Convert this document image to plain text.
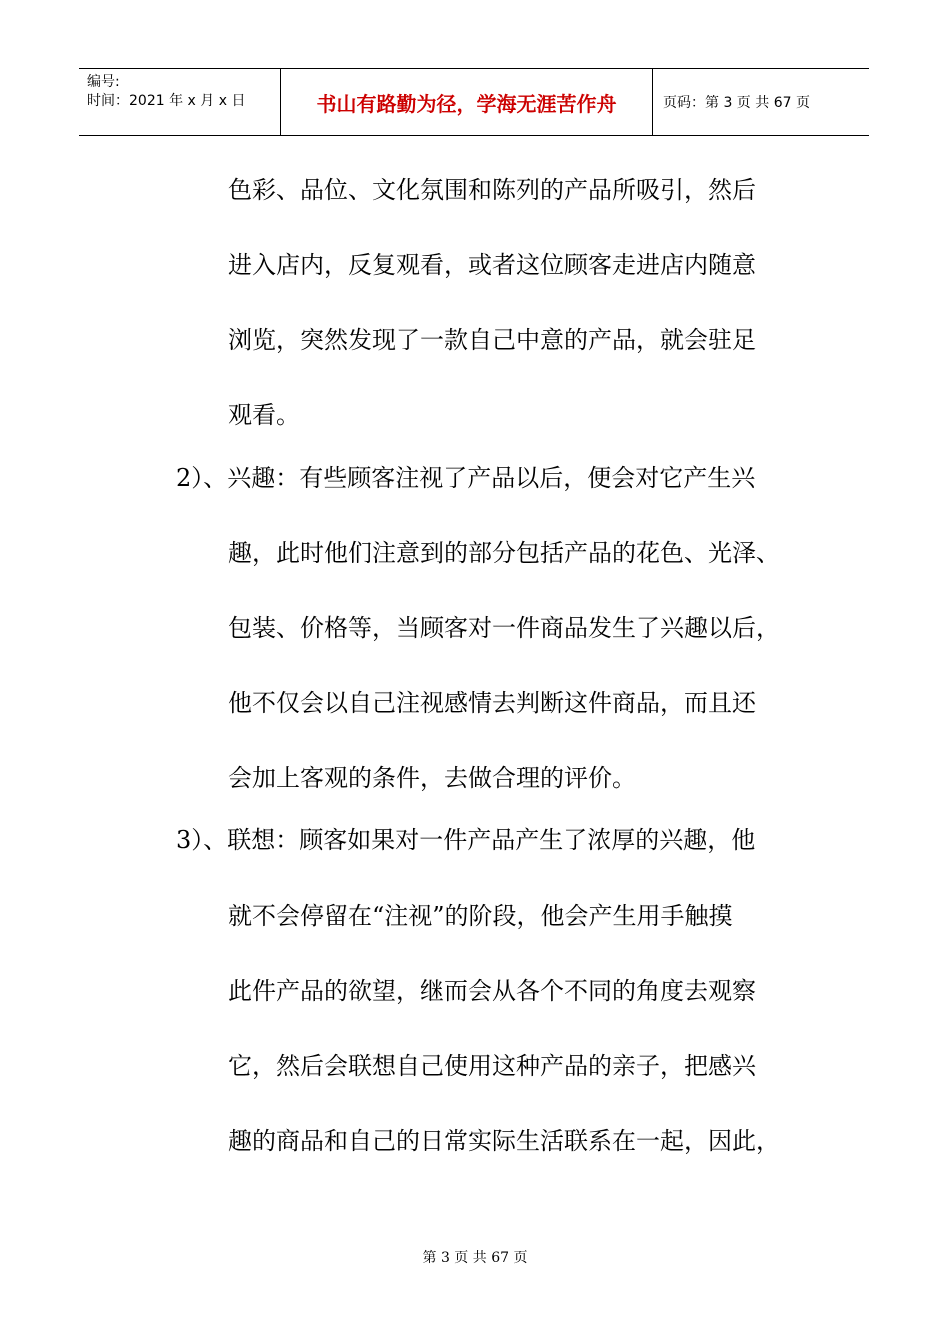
编号:
时间：2021 年 x 月 x 日	书山有路勤为径，学海无涯苦作舟	页码：第 3 页 共 67 页
色彩、品位、文化氛围和陈列的产品所吸引，然后
进入店内，反复观看，或者这位顾客走进店内随意
浏览，突然发现了一款自己中意的产品，就会驻足
观看。
2）、兴趣：有些顾客注视了产品以后，便会对它产生兴
趣，此时他们注意到的部分包括产品的花色、光泽、
包装、价格等，当顾客对一件商品发生了兴趣以后，
他不仅会以自己注视感情去判断这件商品，而且还
会加上客观的条件，去做合理的评价。
3）、联想：顾客如果对一件产品产生了浓厚的兴趣，他
就不会停留在“注视”的阶段，他会产生用手触摸
此件产品的欲望，继而会从各个不同的角度去观察
它，然后会联想自己使用这种产品的亲子，把感兴
趣的商品和自己的日常实际生活联系在一起，因此，
第 3 页 共 67 页
